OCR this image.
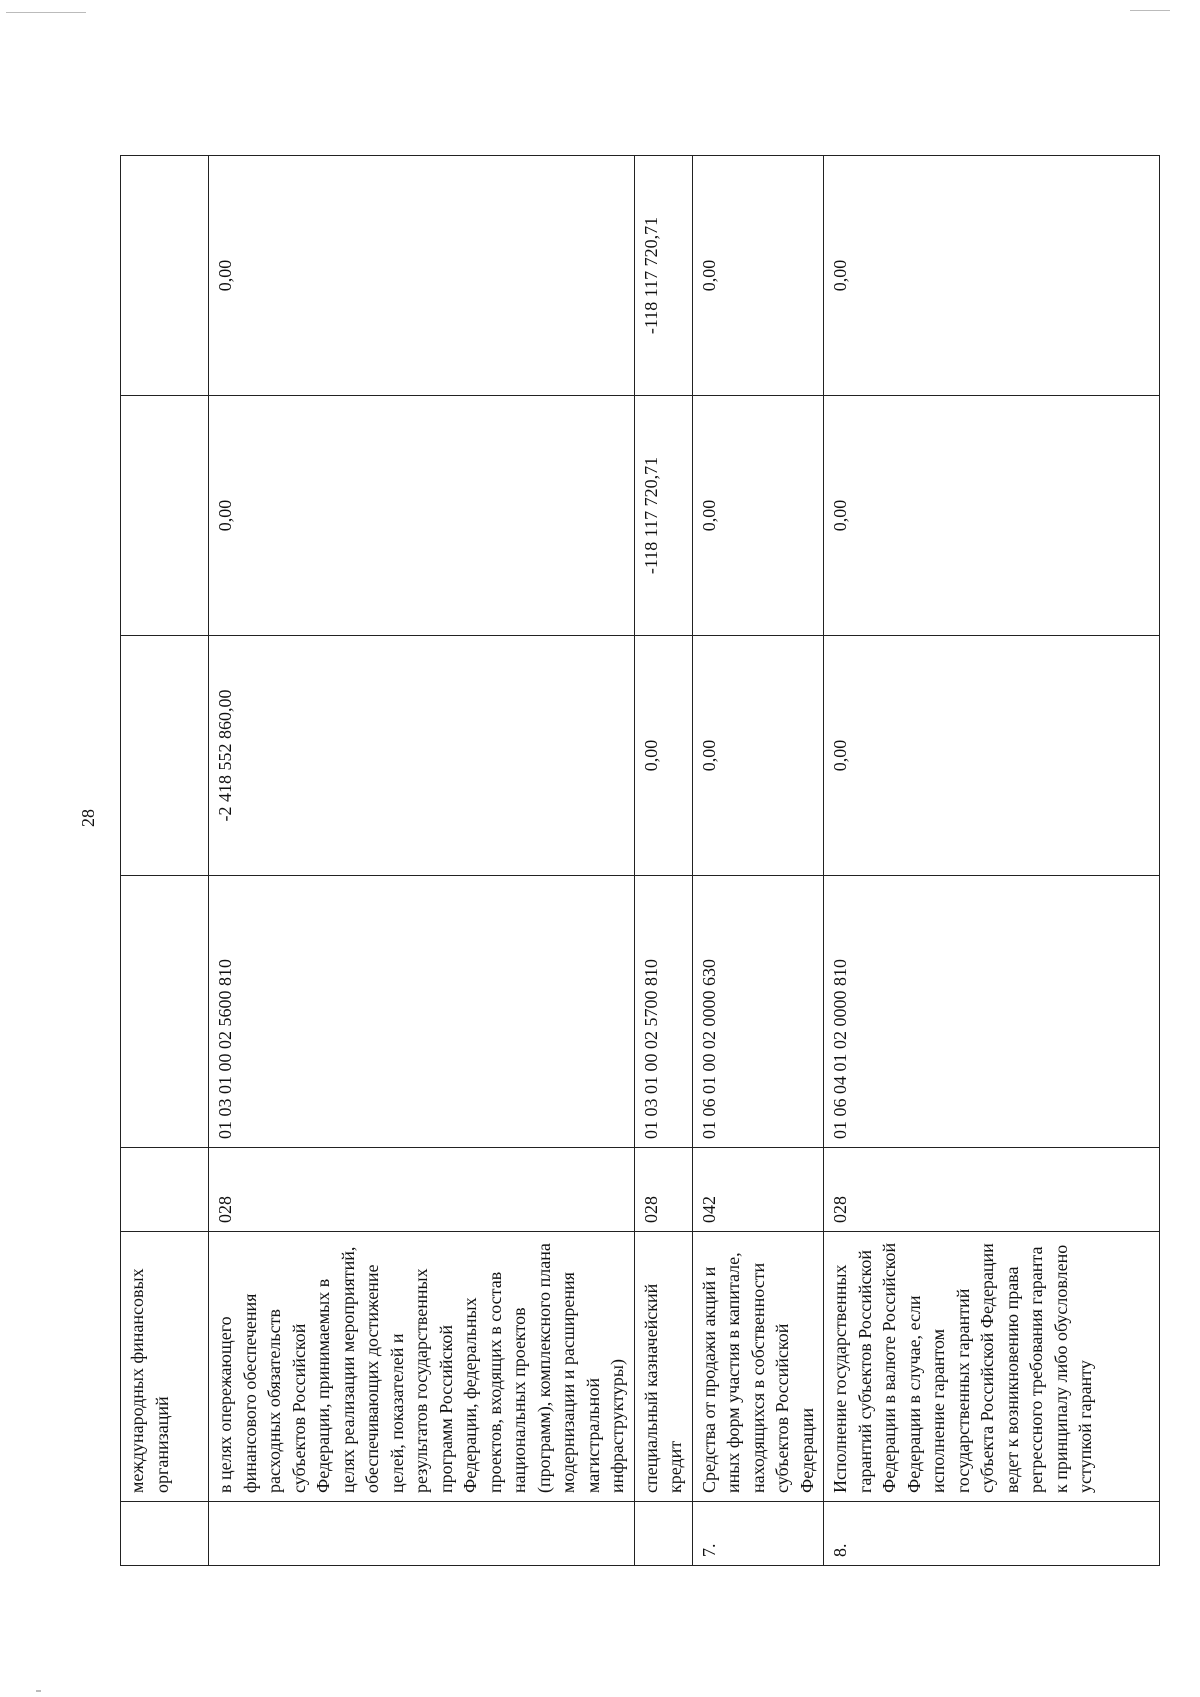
28
	международных финансовых организаций					
	в целях опережающего финансового обеспечения расходных обязательств субъектов Российской Федерации, принимаемых в целях реализации мероприятий, обеспечивающих достижение целей, показателей и результатов государственных программ Российской Федерации, федеральных проектов, входящих в состав национальных проектов (программ), комплексного плана модернизации и расширения магистральной инфраструктуры)	028	01 03 01 00 02 5600 810	-2 418 552 860,00	0,00	0,00
	специальный казначейский кредит	028	01 03 01 00 02 5700 810	0,00	-118 117 720,71	-118 117 720,71
7.	Средства от продажи акций и иных форм участия в капитале, находящихся в собственности субъектов Российской Федерации	042	01 06 01 00 02 0000 630	0,00	0,00	0,00
8.	Исполнение государственных гарантий субъектов Российской Федерации в валюте Российской Федерации в случае, если исполнение гарантом государственных гарантий субъекта Российской Федерации ведет к возникновению права регрессного требования гаранта к принципалу либо обусловлено уступкой гаранту	028	01 06 04 01 02 0000 810	0,00	0,00	0,00
